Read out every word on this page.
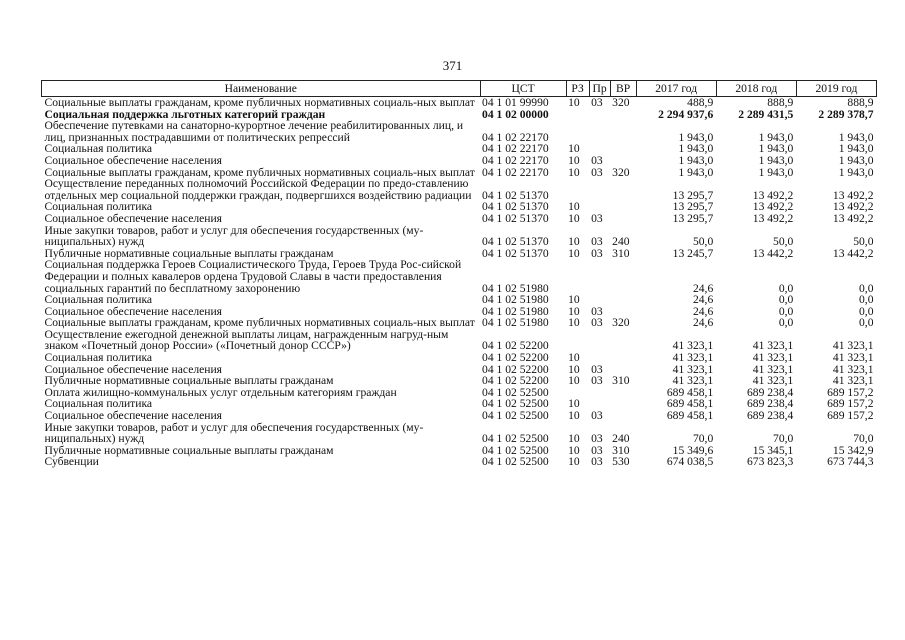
371
Наименование	ЦСТ	РЗ	Пр	ВР	2017 год	2018 год	2019 год
Социальные выплаты гражданам, кроме публичных нормативных социаль-ных выплат	04 1 01 99990	10	03	320	488,9	888,9	888,9
Социальная поддержка льготных категорий граждан	04 1 02 00000				2 294 937,6	2 289 431,5	2 289 378,7
Обеспечение путевками на санаторно-курортное лечение реабилитированных лиц, и лиц, признанных пострадавшими от политических репрессий	04 1 02 22170				1 943,0	1 943,0	1 943,0
Социальная политика	04 1 02 22170	10			1 943,0	1 943,0	1 943,0
Социальное обеспечение населения	04 1 02 22170	10	03		1 943,0	1 943,0	1 943,0
Социальные выплаты гражданам, кроме публичных нормативных социаль-ных выплат	04 1 02 22170	10	03	320	1 943,0	1 943,0	1 943,0
Осуществление переданных полномочий Российской Федерации по предо-ставлению отдельных мер социальной поддержки граждан, подвергшихся воздействию радиации	04 1 02 51370				13 295,7	13 492,2	13 492,2
Социальная политика	04 1 02 51370	10			13 295,7	13 492,2	13 492,2
Социальное обеспечение населения	04 1 02 51370	10	03		13 295,7	13 492,2	13 492,2
Иные закупки товаров, работ и услуг для обеспечения государственных (му-ниципальных) нужд	04 1 02 51370	10	03	240	50,0	50,0	50,0
Публичные нормативные социальные выплаты гражданам	04 1 02 51370	10	03	310	13 245,7	13 442,2	13 442,2
Социальная поддержка Героев Социалистического Труда, Героев Труда Рос-сийской Федерации и полных кавалеров ордена Трудовой Славы в части предоставления социальных гарантий по бесплатному захоронению	04 1 02 51980				24,6	0,0	0,0
Социальная политика	04 1 02 51980	10			24,6	0,0	0,0
Социальное обеспечение населения	04 1 02 51980	10	03		24,6	0,0	0,0
Социальные выплаты гражданам, кроме публичных нормативных социаль-ных выплат	04 1 02 51980	10	03	320	24,6	0,0	0,0
Осуществление ежегодной денежной выплаты лицам, награжденным нагруд-ным знаком «Почетный донор России» («Почетный донор СССР»)	04 1 02 52200				41 323,1	41 323,1	41 323,1
Социальная политика	04 1 02 52200	10			41 323,1	41 323,1	41 323,1
Социальное обеспечение населения	04 1 02 52200	10	03		41 323,1	41 323,1	41 323,1
Публичные нормативные социальные выплаты гражданам	04 1 02 52200	10	03	310	41 323,1	41 323,1	41 323,1
Оплата жилищно-коммунальных услуг отдельным категориям граждан	04 1 02 52500				689 458,1	689 238,4	689 157,2
Социальная политика	04 1 02 52500	10			689 458,1	689 238,4	689 157,2
Социальное обеспечение населения	04 1 02 52500	10	03		689 458,1	689 238,4	689 157,2
Иные закупки товаров, работ и услуг для обеспечения государственных (му-ниципальных) нужд	04 1 02 52500	10	03	240	70,0	70,0	70,0
Публичные нормативные социальные выплаты гражданам	04 1 02 52500	10	03	310	15 349,6	15 345,1	15 342,9
Субвенции	04 1 02 52500	10	03	530	674 038,5	673 823,3	673 744,3
